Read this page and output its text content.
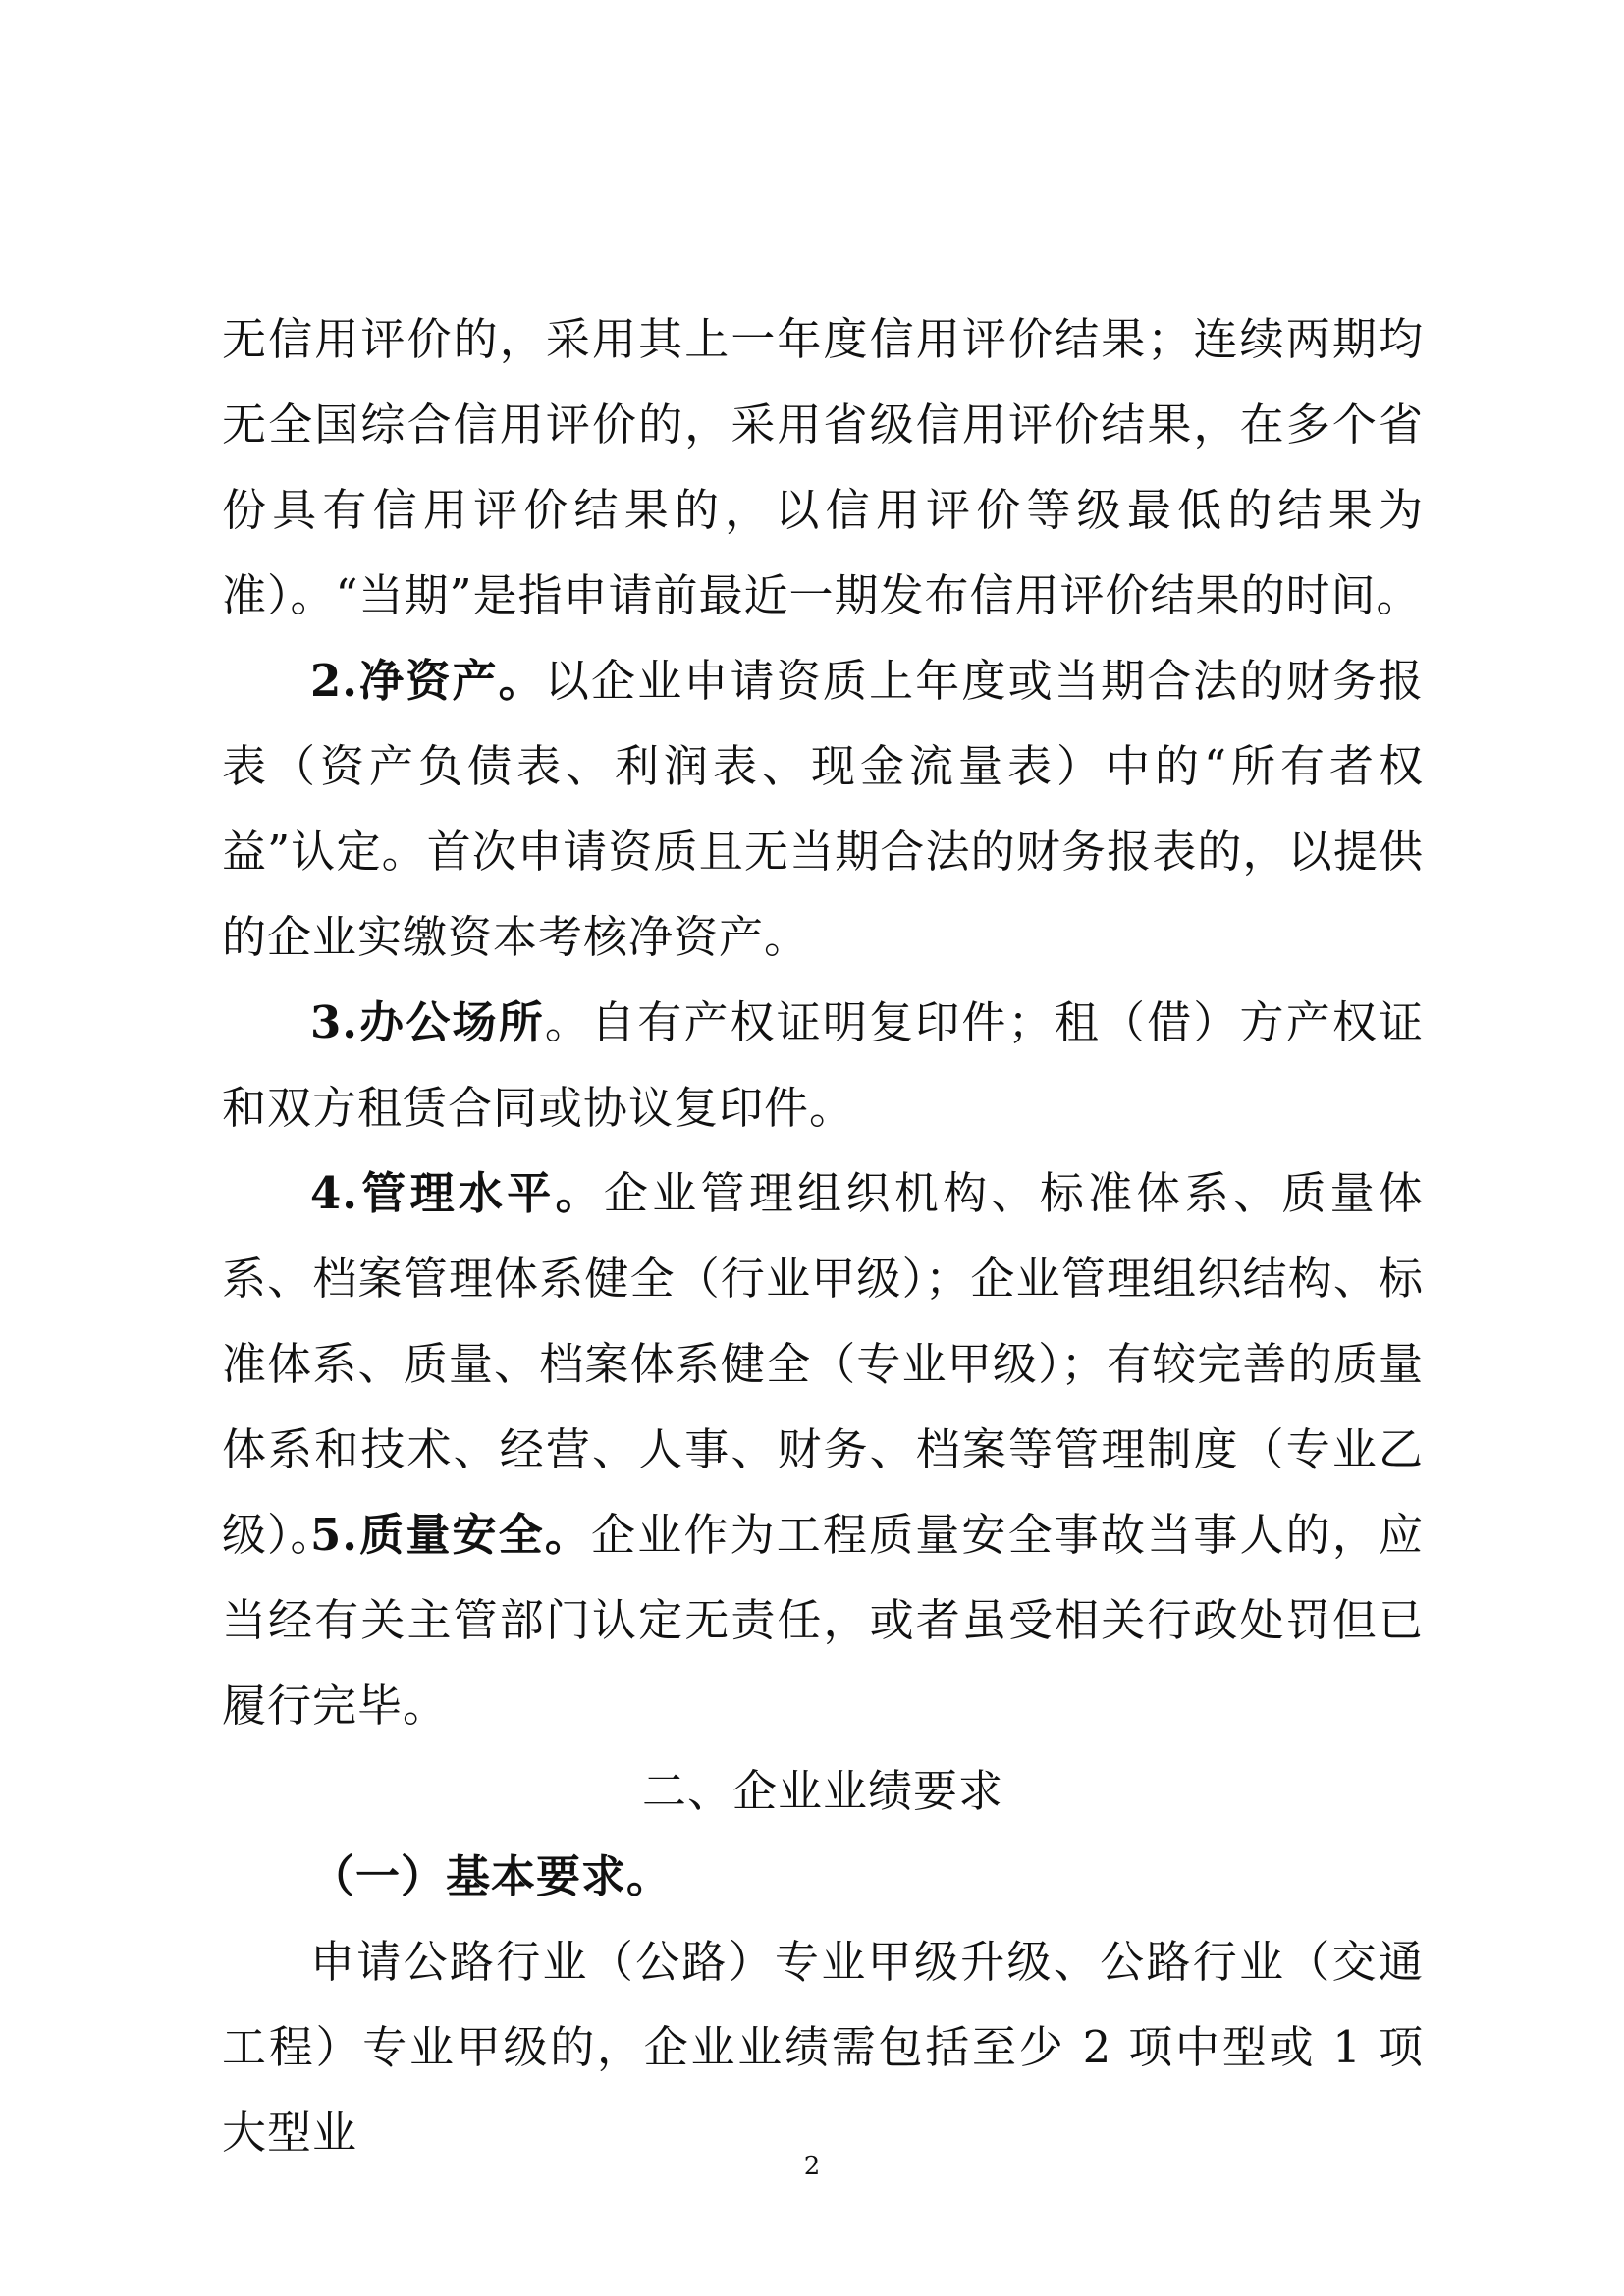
无信用评价的，采用其上一年度信用评价结果；连续两期均无全国综合信用评价的，采用省级信用评价结果，在多个省份具有信用评价结果的，以信用评价等级最低的结果为准）。“当期”是指申请前最近一期发布信用评价结果的时间。

2.净资产。以企业申请资质上年度或当期合法的财务报表（资产负债表、利润表、现金流量表）中的“所有者权益”认定。首次申请资质且无当期合法的财务报表的，以提供的企业实缴资本考核净资产。

3.办公场所。自有产权证明复印件；租（借）方产权证和双方租赁合同或协议复印件。

4.管理水平。企业管理组织机构、标准体系、质量体系、档案管理体系健全（行业甲级）；企业管理组织结构、标准体系、质量、档案体系健全（专业甲级）；有较完善的质量体系和技术、经营、人事、财务、档案等管理制度（专业乙级）。

5.质量安全。企业作为工程质量安全事故当事人的，应当经有关主管部门认定无责任，或者虽受相关行政处罚但已履行完毕。

二、企业业绩要求
（一）基本要求。

申请公路行业（公路）专业甲级升级、公路行业（交通工程）专业甲级的，企业业绩需包括至少 2 项中型或 1 项大型业

2
